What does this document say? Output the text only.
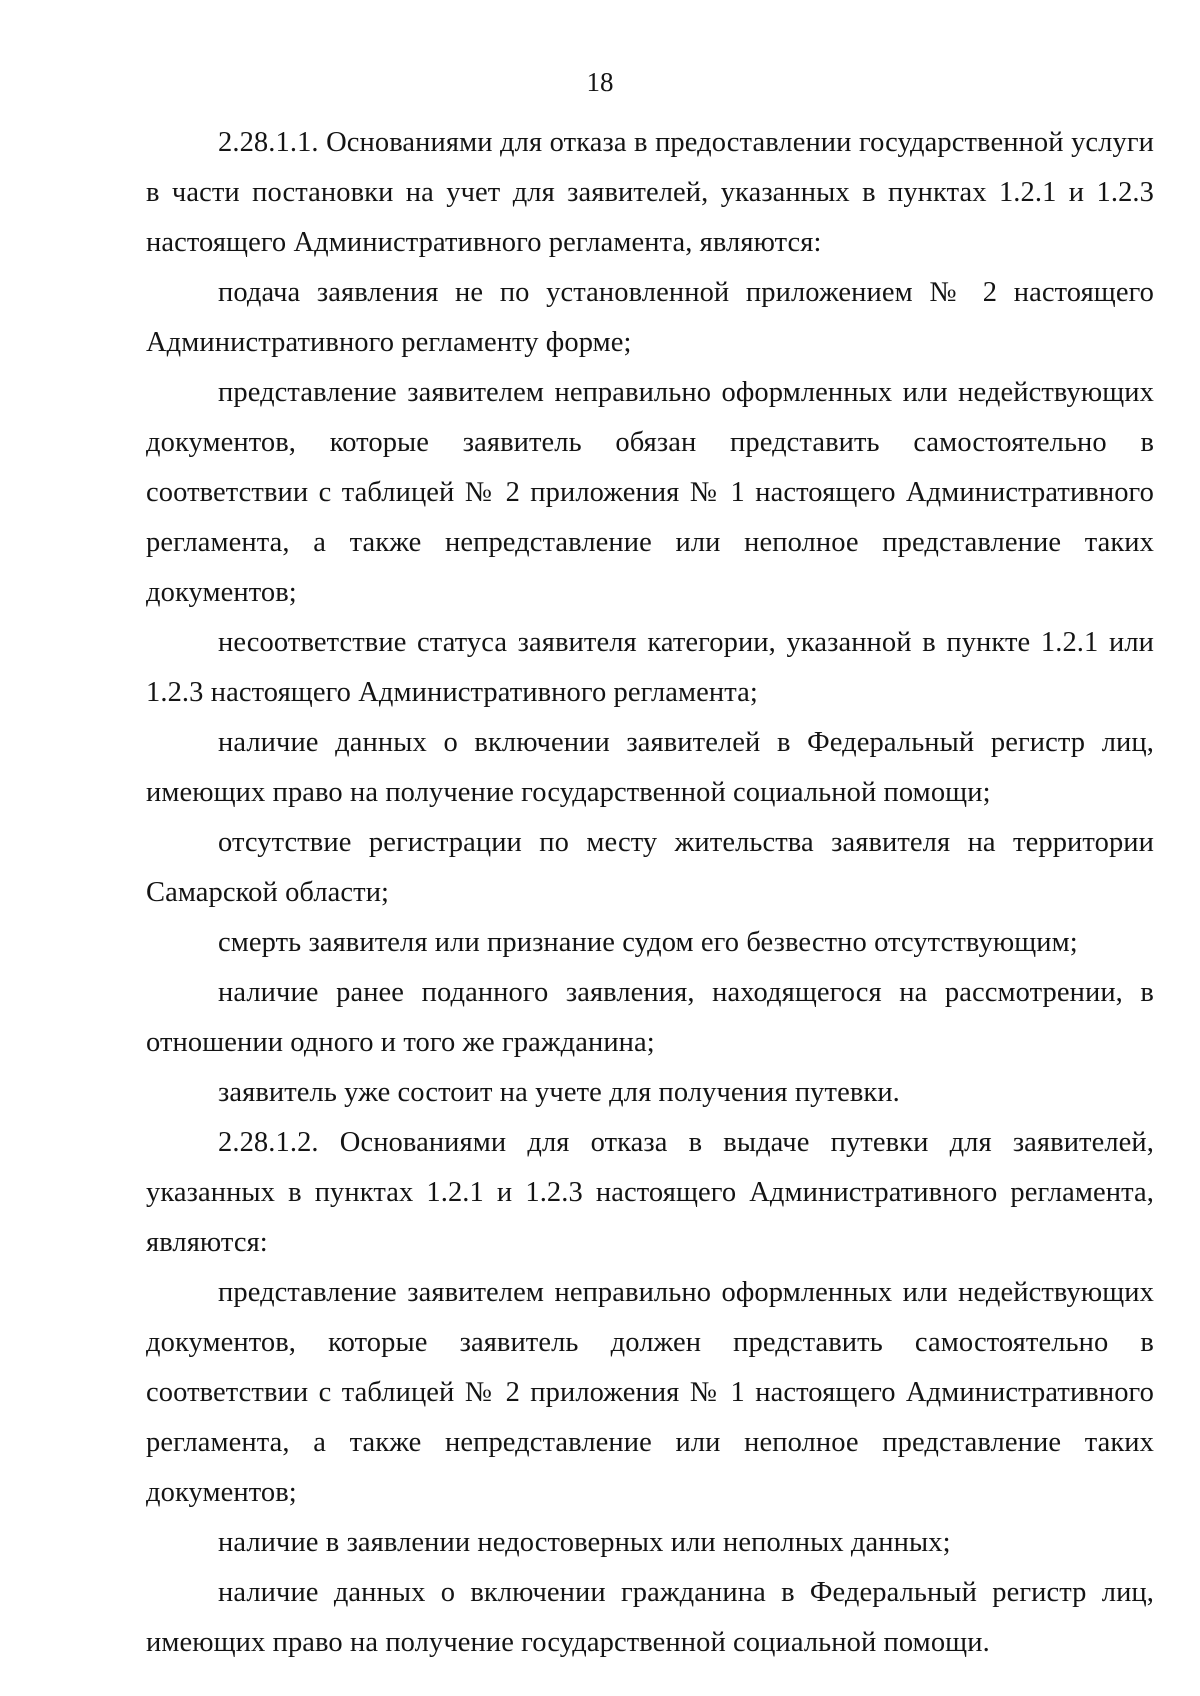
18

2.28.1.1. Основаниями для отказа в предоставлении государственной услуги в части постановки на учет для заявителей, указанных в пунктах 1.2.1 и 1.2.3 настоящего Административного регламента, являются:

подача заявления не по установленной приложением № 2 настоящего Административного регламенту форме;

представление заявителем неправильно оформленных или недействующих документов, которые заявитель обязан представить самостоятельно в соответствии с таблицей № 2 приложения № 1 настоящего Административного регламента, а также непредставление или неполное представление таких документов;

несоответствие статуса заявителя категории, указанной в пункте 1.2.1 или 1.2.3 настоящего Административного регламента;

наличие данных о включении заявителей в Федеральный регистр лиц, имеющих право на получение государственной социальной помощи;

отсутствие регистрации по месту жительства заявителя на территории Самарской области;

смерть заявителя или признание судом его безвестно отсутствующим;

наличие ранее поданного заявления, находящегося на рассмотрении, в отношении одного и того же гражданина;

заявитель уже состоит на учете для получения путевки.

2.28.1.2. Основаниями для отказа в выдаче путевки для заявителей, указанных в пунктах 1.2.1 и 1.2.3 настоящего Административного регламента, являются:

представление заявителем неправильно оформленных или недействующих документов, которые заявитель должен представить самостоятельно в соответствии с таблицей № 2 приложения № 1 настоящего Административного регламента, а также непредставление или неполное представление таких документов;

наличие в заявлении недостоверных или неполных данных;

наличие данных о включении гражданина в Федеральный регистр лиц, имеющих право на получение государственной социальной помощи.
